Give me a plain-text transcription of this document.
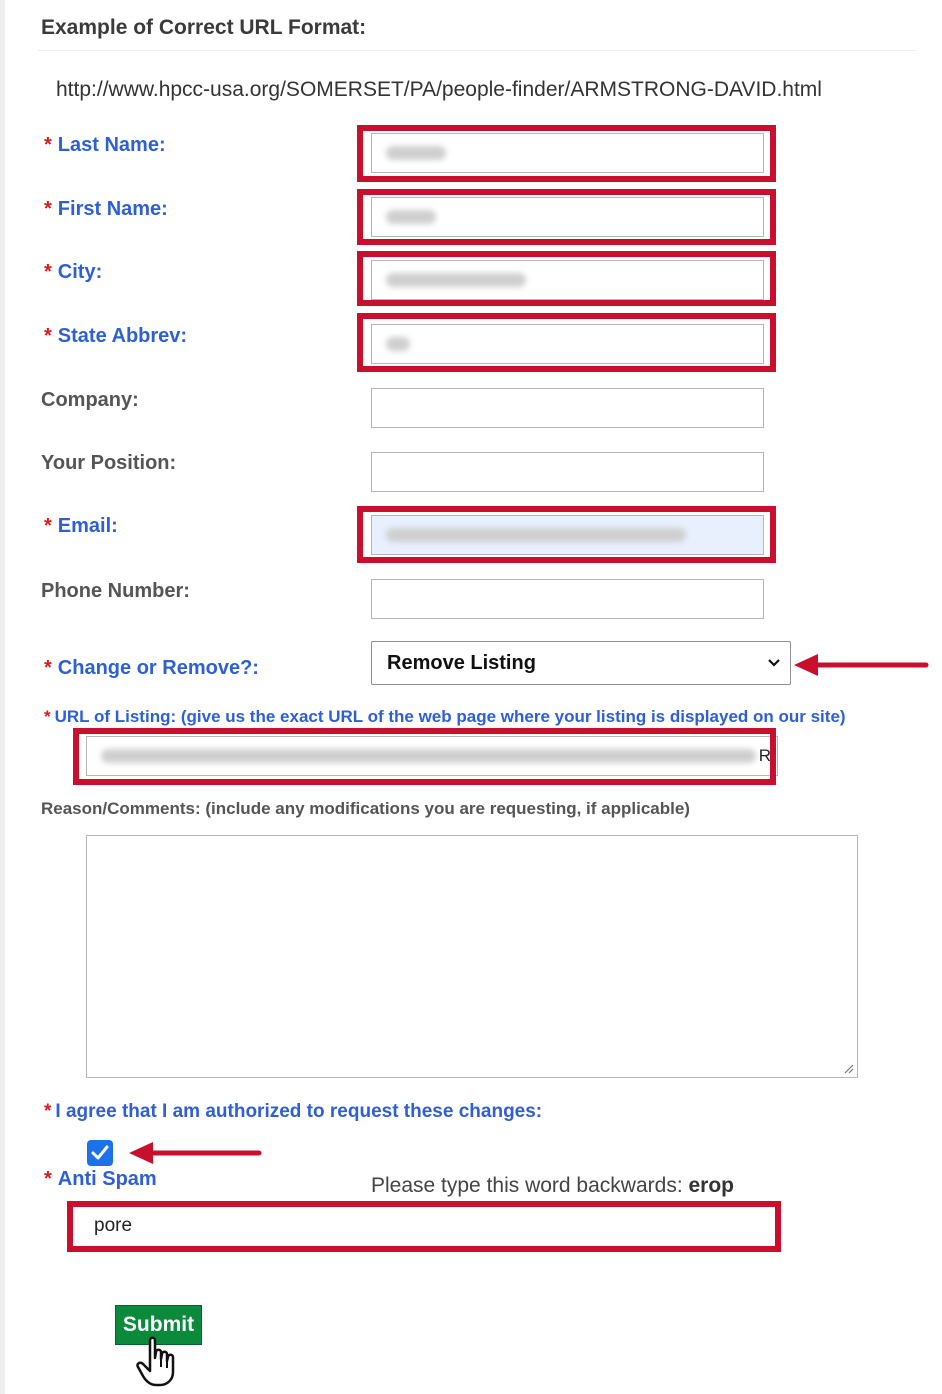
Example of Correct URL Format:
http://www.hpcc-usa.org/SOMERSET/PA/people-finder/ARMSTRONG-DAVID.html
* Last Name:
* First Name:
* City:
* State Abbrev:
Company:
Your Position:
* Email:
Phone Number:
* Change or Remove?:	Remove Listing
* URL of Listing: (give us the exact URL of the web page where your listing is displayed on our site)
R
Reason/Comments: (include any modifications you are requesting, if applicable)
* I agree that I am authorized to request these changes:
* Anti Spam	Please type this word backwards: erop
pore
Submit
